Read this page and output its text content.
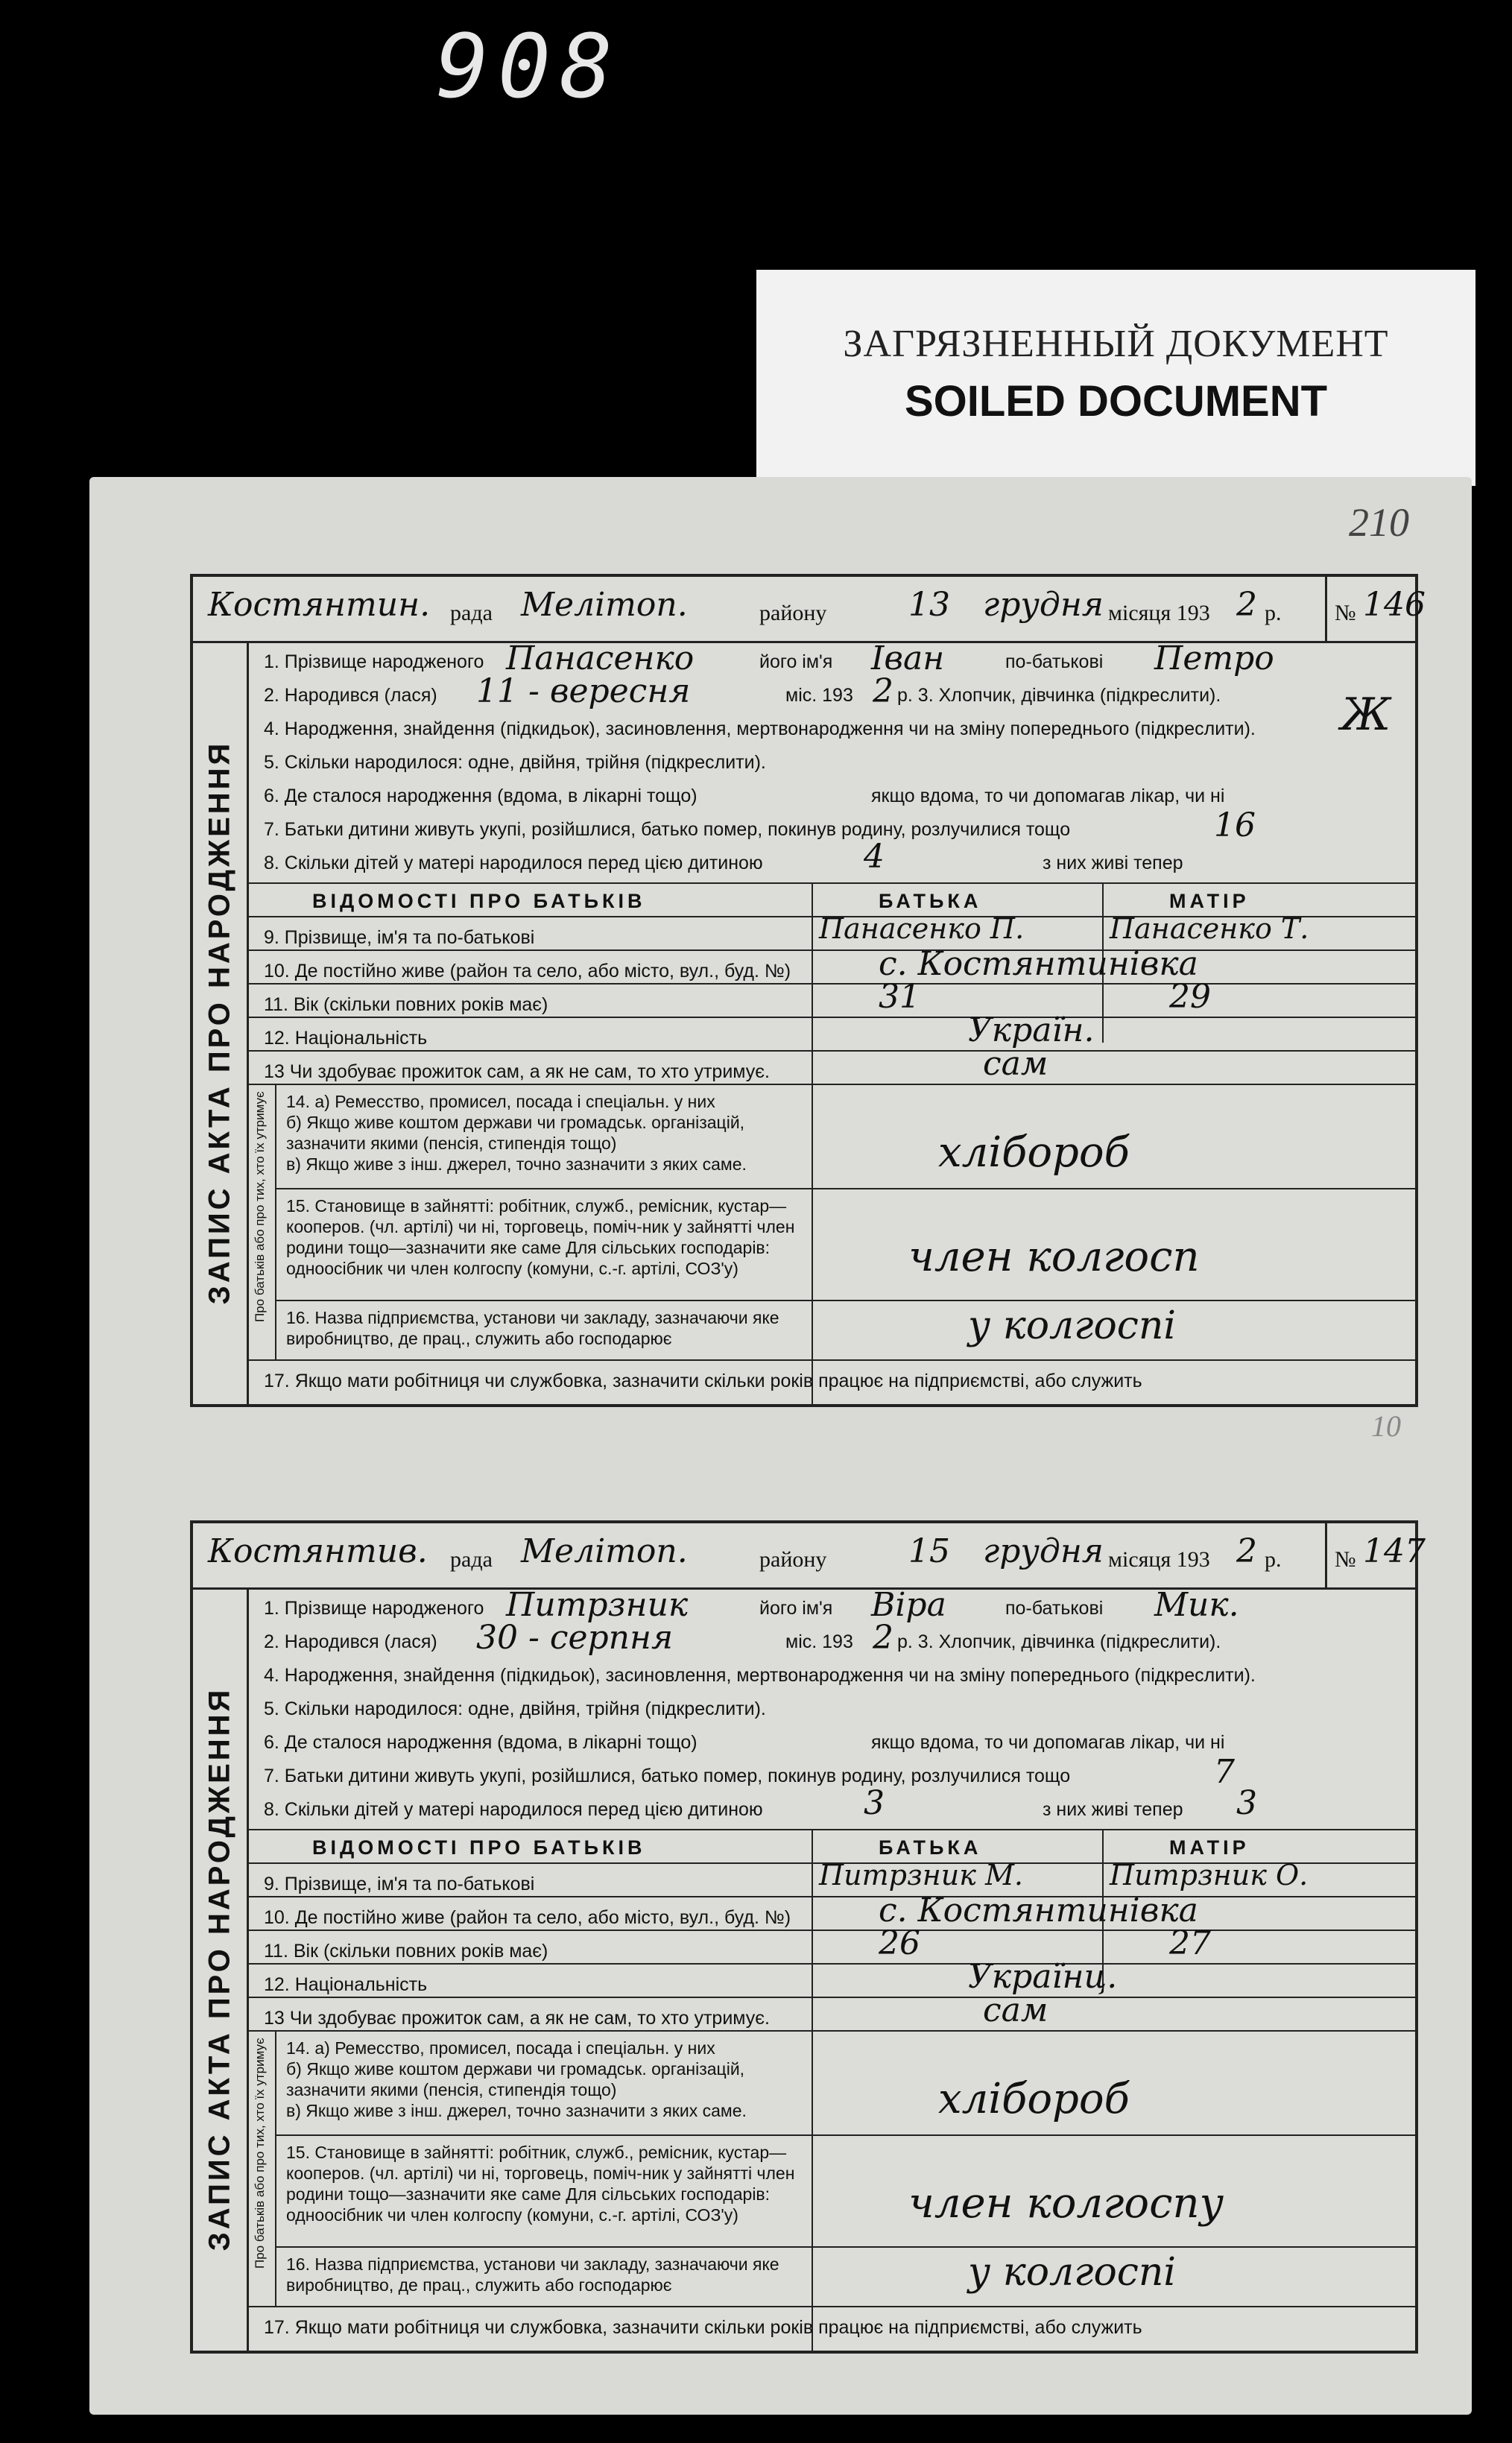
908
ЗАГРЯЗНЕННЫЙ ДОКУМЕНТ
SOILED DOCUMENT
210
10
Костянтин. рада Мелітоп.	району 13 грудня місяця 193 2 р. № 146
ЗАПИС АКТА ПРО НАРОДЖЕННЯ
1. Прізвище народженого Панасенко	його ім'я Іван	по-батькові Петро
2. Народився (лася) 11 - вересня	міс. 193 2 р. 3. Хлопчик, дівчинка (підкреслити).	Ж
4. Народження, знайдення (підкидьок), засиновлення, мертвонародження чи на зміну попереднього (підкреслити).
5. Скільки народилося: одне, двійня, трійня (підкреслити).
6. Де сталося народження (вдома, в лікарні тощо)	якщо вдома, то чи допомагав лікар, чи ні
7. Батьки дитини живуть укупі, розійшлися, батько помер, покинув родину, розлучилися тощо	16
8. Скільки дітей у матері народилося перед цією дитиною	4	з них живі тепер
ВІДОМОСТІ ПРО БАТЬКІВ	БАТЬКА	МАТІР
9. Прізвище, ім'я та по-батькові	Панасенко П.	Панасенко Т.
10. Де постійно живе (район та село, або місто, вул., буд. №)	с. Костянтинівка
11. Вік (скільки повних років має)	31	29
12. Національність	Україн.
13 Чи здобуває прожиток сам, а як не сам, то хто утримує.	сам
Про батьків або про тих, хто їх утримує 14. а) Ремесство, промисел, посада і спеціальн. у них
б) Якщо живе коштом держави чи громадськ. організацій, зазначити якими (пенсія, стипендія тощо)
в) Якщо живе з інш. джерел, точно зазначити з яких саме.	хлібороб
15. Становище в зайнятті: робітник, служб., ремісник, кустар—кооперов. (чл. артілі) чи ні, торговець, поміч-ник у зайнятті член родини тощо—зазначити яке саме Для сільських господарів: одноосібник чи член колгоспу (комуни, с.-г. артілі, СОЗ'у)	член колгосп
16. Назва підприємства, установи чи закладу, зазначаючи яке виробництво, де прац., служить або господарює	у колгоспі
17. Якщо мати робітниця чи службовка, зазначити скільки років працює на підприємстві, або служить
Костянтив. рада Мелітоп.	району 15 грудня місяця 193 2 р. № 147
ЗАПИС АКТА ПРО НАРОДЖЕННЯ
1. Прізвище народженого Питрзник	його ім'я Віра	по-батькові Мик.
2. Народився (лася) 30 - серпня	міс. 193 2 р. 3. Хлопчик, дівчинка (підкреслити).
4. Народження, знайдення (підкидьок), засиновлення, мертвонародження чи на зміну попереднього (підкреслити).
5. Скільки народилося: одне, двійня, трійня (підкреслити).
6. Де сталося народження (вдома, в лікарні тощо)	якщо вдома, то чи допомагав лікар, чи ні
7. Батьки дитини живуть укупі, розійшлися, батько помер, покинув родину, розлучилися тощо	7
8. Скільки дітей у матері народилося перед цією дитиною	3	з них живі тепер 3
ВІДОМОСТІ ПРО БАТЬКІВ	БАТЬКА	МАТІР
9. Прізвище, ім'я та по-батькові	Питрзник М.	Питрзник О.
10. Де постійно живе (район та село, або місто, вул., буд. №)	с. Костянтинівка
11. Вік (скільки повних років має)	26	27
12. Національність	Українц.
13 Чи здобуває прожиток сам, а як не сам, то хто утримує.	сам
Про батьків або про тих, хто їх утримує 14. а) Ремесство, промисел, посада і спеціальн. у них
б) Якщо живе коштом держави чи громадськ. організацій, зазначити якими (пенсія, стипендія тощо)
в) Якщо живе з інш. джерел, точно зазначити з яких саме.	хлібороб
15. Становище в зайнятті: робітник, служб., ремісник, кустар—кооперов. (чл. артілі) чи ні, торговець, поміч-ник у зайнятті член родини тощо—зазначити яке саме Для сільських господарів: одноосібник чи член колгоспу (комуни, с.-г. артілі, СОЗ'у)	член колгоспу
16. Назва підприємства, установи чи закладу, зазначаючи яке виробництво, де прац., служить або господарює	у колгоспі
17. Якщо мати робітниця чи службовка, зазначити скільки років працює на підприємстві, або служить
